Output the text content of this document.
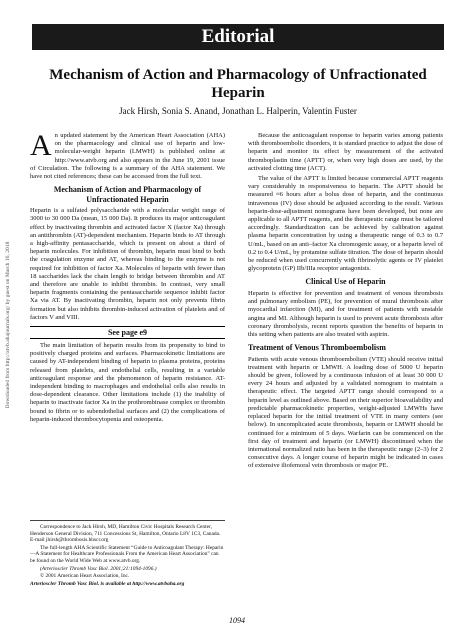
Editorial
Mechanism of Action and Pharmacology of Unfractionated Heparin
Jack Hirsh, Sonia S. Anand, Jonathan L. Halperin, Valentin Fuster
Downloaded from http://atvb.ahajournals.org/ by guest on March 16, 2018

An updated statement by the American Heart Association (AHA) on the pharmacology and clinical use of heparin and low-molecular-weight heparin (LMWH) is published online at http://www.atvb.org and also appears in the June 19, 2001 issue of Circulation. The following is a summary of the AHA statement. We have not cited references; these can be accessed from the full text.

Mechanism of Action and Pharmacology of Unfractionated Heparin

Heparin is a sulfated polysaccharide with a molecular weight range of 3000 to 30 000 Da (mean, 15 000 Da). It produces its major anticoagulant effect by inactivating thrombin and activated factor X (factor Xa) through an antithrombin (AT)-dependent mechanism. Heparin binds to AT through a high-affinity pentasaccharide, which is present on about a third of heparin molecules. For inhibition of thrombin, heparin must bind to both the coagulation enzyme and AT, whereas binding to the enzyme is not required for inhibition of factor Xa. Molecules of heparin with fewer than 18 saccharides lack the chain length to bridge between thrombin and AT and therefore are unable to inhibit thrombin. In contrast, very small heparin fragments containing the pentasaccharide sequence inhibit factor Xa via AT. By inactivating thrombin, heparin not only prevents fibrin formation but also inhibits thrombin-induced activation of platelets and of factors V and VIII.

See page e9

The main limitation of heparin results from its propensity to bind to positively charged proteins and surfaces. Pharmacokinetic limitations are caused by AT-independent binding of heparin to plasma proteins, proteins released from platelets, and endothelial cells, resulting in a variable anticoagulant response and the phenomenon of heparin resistance. AT-independent binding to macrophages and endothelial cells also results in dose-dependent clearance. Other limitations include (1) the inability of heparin to inactivate factor Xa in the prothrombinase complex or thrombin bound to fibrin or to subendothelial surfaces and (2) the complications of heparin-induced thrombocytopenia and osteopenia.

Correspondence to Jack Hirsh, MD, Hamilton Civic Hospitals Research Center, Henderson General Division, 711 Concessions St, Hamilton, Ontario L8V 1C3, Canada. E-mail jhirsh@thrombosis.hhscr.org

The full-length AHA Scientific Statement “Guide to Anticoagulant Therapy: Heparin—A Statement for Healthcare Professionals From the American Heart Association” can be found on the World Wide Web at www.atvb.org.

(Arterioscler Thromb Vasc Biol. 2001;21:1094-1096.)

© 2001 American Heart Association, Inc.

Arterioscler Thromb Vasc Biol. is available at http://www.atvbaha.org

Because the anticoagulant response to heparin varies among patients with thromboembolic disorders, it is standard practice to adjust the dose of heparin and monitor its effect by measurement of the activated thromboplastin time (APTT) or, when very high doses are used, by the activated clotting time (ACT).

The value of the APTT is limited because commercial APTT reagents vary considerably in responsiveness to heparin. The APTT should be measured ≈6 hours after a bolus dose of heparin, and the continuous intravenous (IV) dose should be adjusted according to the result. Various heparin-dose-adjustment nomograms have been developed, but none are applicable to all APTT reagents, and the therapeutic range must be tailored accordingly. Standardization can be achieved by calibration against plasma heparin concentration by using a therapeutic range of 0.3 to 0.7 U/mL, based on an anti–factor Xa chromogenic assay, or a heparin level of 0.2 to 0.4 U/mL, by protamine sulfate titration. The dose of heparin should be reduced when used concurrently with fibrinolytic agents or IV platelet glycoprotein (GP) IIb/IIIa receptor antagonists.

Clinical Use of Heparin

Heparin is effective for prevention and treatment of venous thrombosis and pulmonary embolism (PE), for prevention of mural thrombosis after myocardial infarction (MI), and for treatment of patients with unstable angina and MI. Although heparin is used to prevent acute thrombosis after coronary thrombolysis, recent reports question the benefits of heparin in this setting when patients are also treated with aspirin.

Treatment of Venous Thromboembolism

Patients with acute venous thromboembolism (VTE) should receive initial treatment with heparin or LMWH. A loading dose of 5000 U heparin should be given, followed by a continuous infusion of at least 30 000 U every 24 hours and adjusted by a validated nomogram to maintain a therapeutic effect. The targeted APTT range should correspond to a heparin level as outlined above. Based on their superior bioavailability and predictable pharmacokinetic properties, weight-adjusted LMWHs have replaced heparin for the initial treatment of VTE in many centers (see below). In uncomplicated acute thrombosis, heparin or LMWH should be continued for a minimum of 5 days. Warfarin can be commenced on the first day of treatment and heparin (or LMWH) discontinued when the international normalized ratio has been in the therapeutic range (2–3) for 2 consecutive days. A longer course of heparin might be indicated in cases of extensive iliofemoral vein thrombosis or major PE.

1094
